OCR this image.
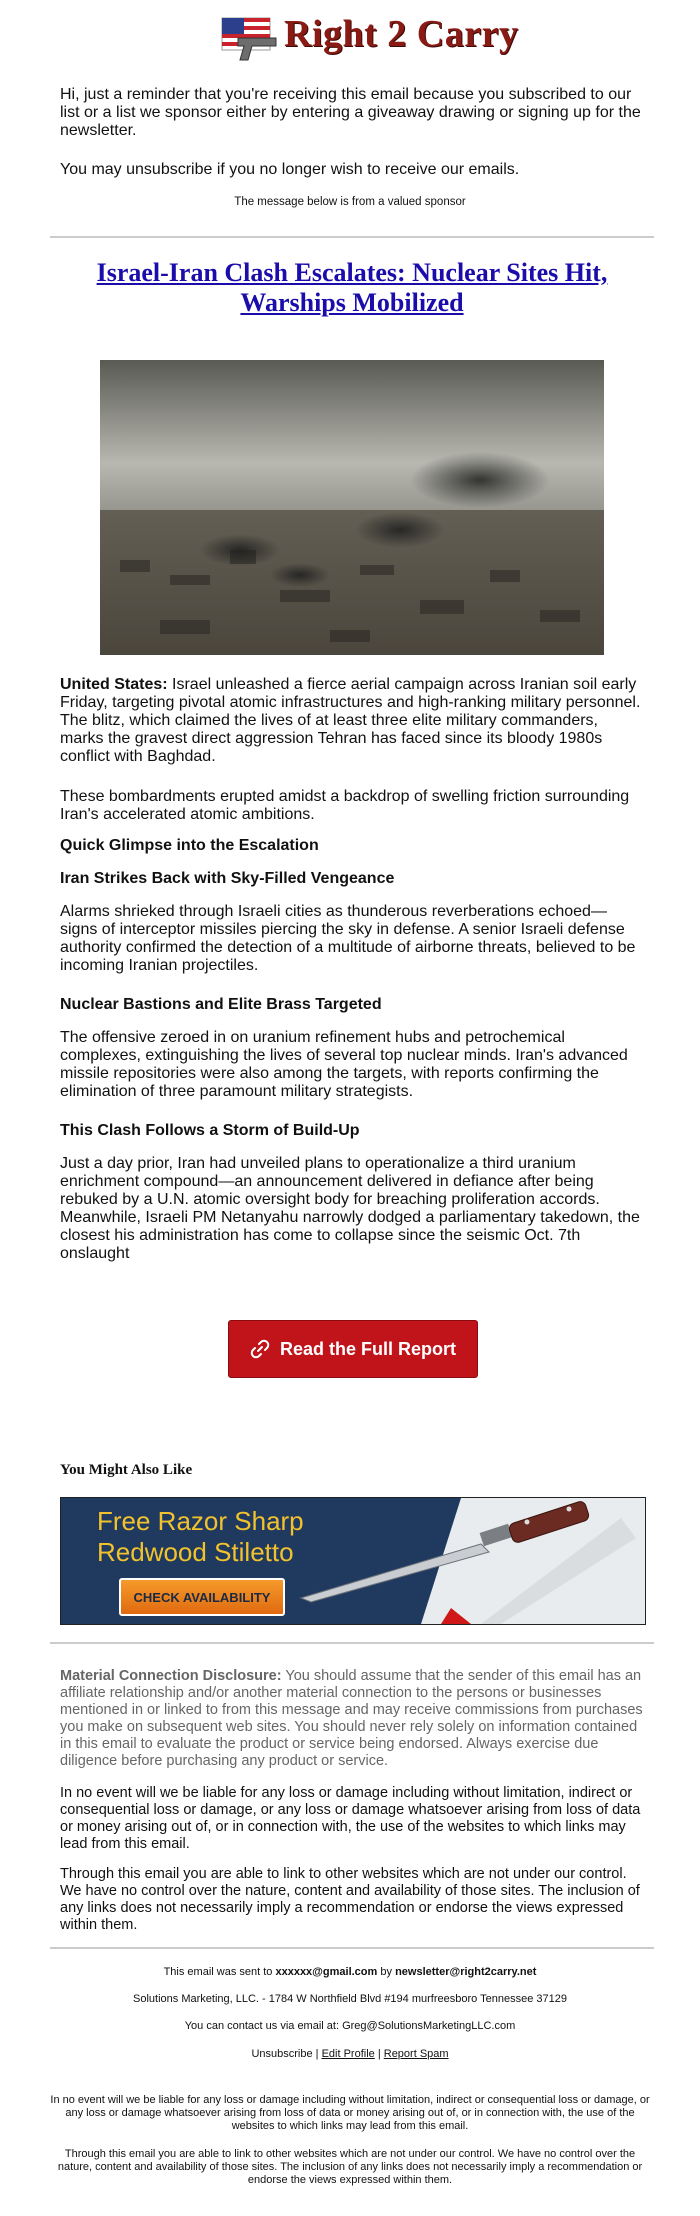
Right 2 Carry
Hi, just a reminder that you're receiving this email because you subscribed to our list or a list we sponsor either by entering a giveaway drawing or signing up for the newsletter.
You may unsubscribe if you no longer wish to receive our emails.
The message below is from a valued sponsor
Israel-Iran Clash Escalates: Nuclear Sites Hit, Warships Mobilized
United States: Israel unleashed a fierce aerial campaign across Iranian soil early Friday, targeting pivotal atomic infrastructures and high-ranking military personnel. The blitz, which claimed the lives of at least three elite military commanders, marks the gravest direct aggression Tehran has faced since its bloody 1980s conflict with Baghdad.
These bombardments erupted amidst a backdrop of swelling friction surrounding Iran's accelerated atomic ambitions.
Quick Glimpse into the Escalation
Iran Strikes Back with Sky-Filled Vengeance
Alarms shrieked through Israeli cities as thunderous reverberations echoed—signs of interceptor missiles piercing the sky in defense. A senior Israeli defense authority confirmed the detection of a multitude of airborne threats, believed to be incoming Iranian projectiles.
Nuclear Bastions and Elite Brass Targeted
The offensive zeroed in on uranium refinement hubs and petrochemical complexes, extinguishing the lives of several top nuclear minds. Iran's advanced missile repositories were also among the targets, with reports confirming the elimination of three paramount military strategists.
This Clash Follows a Storm of Build-Up
Just a day prior, Iran had unveiled plans to operationalize a third uranium enrichment compound—an announcement delivered in defiance after being rebuked by a U.N. atomic oversight body for breaching proliferation accords. Meanwhile, Israeli PM Netanyahu narrowly dodged a parliamentary takedown, the closest his administration has come to collapse since the seismic Oct. 7th onslaught
Read the Full Report
You Might Also Like
Free Razor Sharp
Redwood Stiletto
CHECK AVAILABILITY
Material Connection Disclosure: You should assume that the sender of this email has an affiliate relationship and/or another material connection to the persons or businesses mentioned in or linked to from this message and may receive commissions from purchases you make on subsequent web sites. You should never rely solely on information contained in this email to evaluate the product or service being endorsed. Always exercise due diligence before purchasing any product or service.
In no event will we be liable for any loss or damage including without limitation, indirect or consequential loss or damage, or any loss or damage whatsoever arising from loss of data or money arising out of, or in connection with, the use of the websites to which links may lead from this email.
Through this email you are able to link to other websites which are not under our control. We have no control over the nature, content and availability of those sites. The inclusion of any links does not necessarily imply a recommendation or endorse the views expressed within them.
This email was sent to xxxxxx@gmail.com by newsletter@right2carry.net
Solutions Marketing, LLC. - 1784 W Northfield Blvd #194 murfreesboro Tennessee 37129
You can contact us via email at: Greg@SolutionsMarketingLLC.com
Unsubscribe | Edit Profile | Report Spam
In no event will we be liable for any loss or damage including without limitation, indirect or consequential loss or damage, or any loss or damage whatsoever arising from loss of data or money arising out of, or in connection with, the use of the websites to which links may lead from this email.
Through this email you are able to link to other websites which are not under our control. We have no control over the nature, content and availability of those sites. The inclusion of any links does not necessarily imply a recommendation or endorse the views expressed within them.
